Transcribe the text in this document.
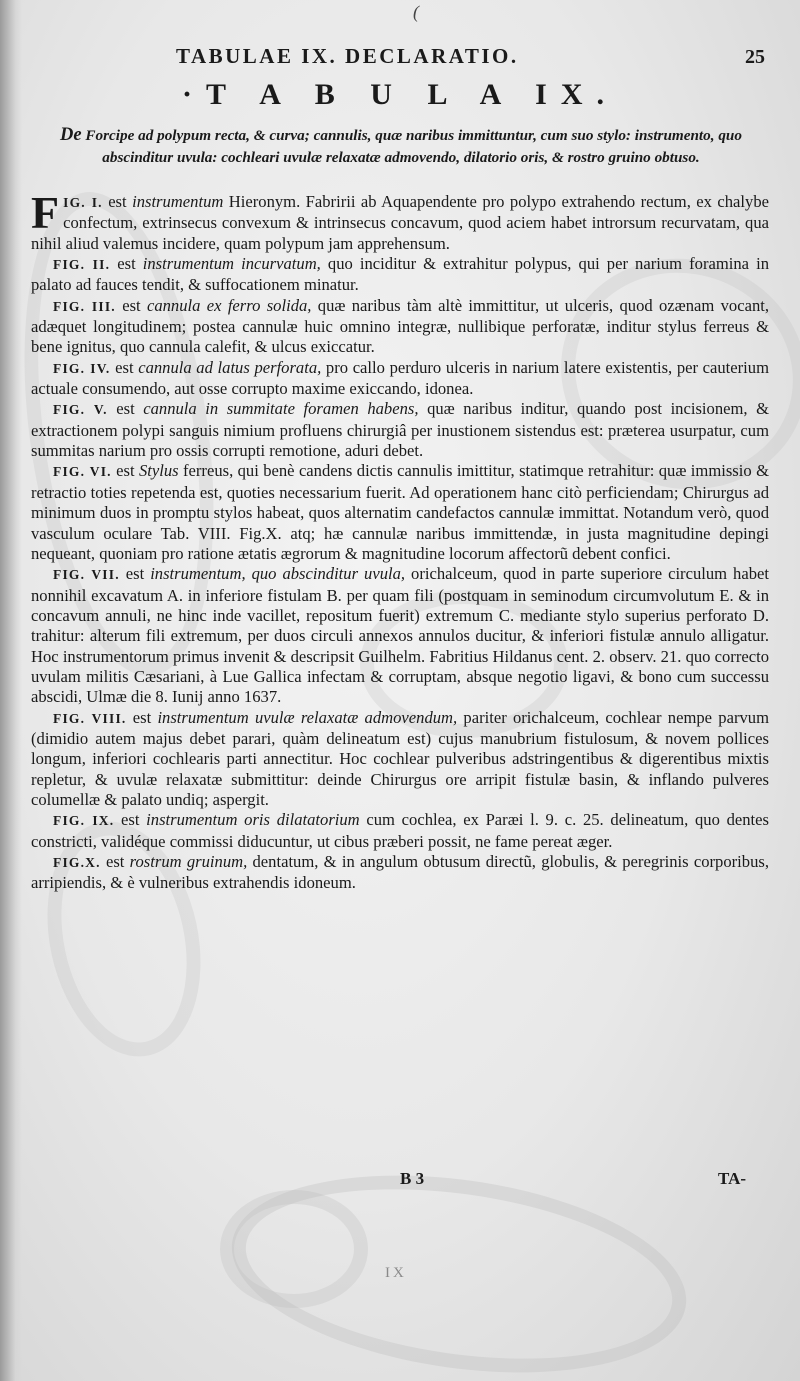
(
TABULAE IX. DECLARATIO.	25
·T A B U L A IX.
De Forcipe ad polypum recta, & curva; cannulis, quæ naribus immittuntur, cum suo stylo: instrumento, quo abscinditur uvula: cochleari uvulæ relaxatæ admovendo, dilatorio oris, & rostro gruino obtuso.

FIG. I. est instrumentum Hieronym. Fabririi ab Aquapendente pro polypo extrahendo rectum, ex chalybe confectum, extrinsecus convexum & intrinsecus concavum, quod aciem habet introrsum recurvatam, qua nihil aliud valemus incidere, quam polypum jam apprehensum.

FIG. II. est instrumentum incurvatum, quo inciditur & extrahitur polypus, qui per narium foramina in palato ad fauces tendit, & suffocationem minatur.

FIG. III. est cannula ex ferro solida, quæ naribus tàm altè immittitur, ut ulceris, quod ozænam vocant, adæquet longitudinem; postea cannulæ huic omnino integræ, nullibique perforatæ, inditur stylus ferreus & bene ignitus, quo cannula calefit, & ulcus exiccatur.

FIG. IV. est cannula ad latus perforata, pro callo perduro ulceris in narium latere existentis, per cauterium actuale consumendo, aut osse corrupto maxime exiccando, idonea.

FIG. V. est cannula in summitate foramen habens, quæ naribus inditur, quando post incisionem, & extractionem polypi sanguis nimium profluens chirurgiâ per inustionem sistendus est: præterea usurpatur, cum summitas narium pro ossis corrupti remotione, aduri debet.

FIG. VI. est Stylus ferreus, qui benè candens dictis cannulis imittitur, statimque retrahitur: quæ immissio & retractio toties repetenda est, quoties necessarium fuerit. Ad operationem hanc citò perficiendam; Chirurgus ad minimum duos in promptu stylos habeat, quos alternatim candefactos cannulæ immittat. Notandum verò, quod vasculum oculare Tab. VIII. Fig.X. atq; hæ cannulæ naribus immittendæ, in justa magnitudine depingi nequeant, quoniam pro ratione ætatis ægrorum & magnitudine locorum affectorũ debent confici.

FIG. VII. est instrumentum, quo abscinditur uvula, orichalceum, quod in parte superiore circulum habet nonnihil excavatum A. in inferiore fistulam B. per quam fili (postquam in seminodum circumvolutum E. & in concavum annuli, ne hinc inde vacillet, repositum fuerit) extremum C. mediante stylo superius perforato D. trahitur: alterum fili extremum, per duos circuli annexos annulos ducitur, & inferiori fistulæ annulo alligatur. Hoc instrumentorum primus invenit & descripsit Guilhelm. Fabritius Hildanus cent. 2. observ. 21. quo correcto uvulam militis Cæsariani, à Lue Gallica infectam & corruptam, absque negotio ligavi, & bono cum successu abscidi, Ulmæ die 8. Iunij anno 1637.

FIG. VIII. est instrumentum uvulæ relaxatæ admovendum, pariter orichalceum, cochlear nempe parvum (dimidio autem majus debet parari, quàm delineatum est) cujus manubrium fistulosum, & novem pollices longum, inferiori cochlearis parti annectitur. Hoc cochlear pulveribus adstringentibus & digerentibus mixtis repletur, & uvulæ relaxatæ submittitur: deinde Chirurgus ore arripit fistulæ basin, & inflando pulveres columellæ & palato undiq; aspergit.

FIG. IX. est instrumentum oris dilatatorium cum cochlea, ex Paræi l. 9. c. 25. delineatum, quo dentes constricti, validéque commissi diducuntur, ut cibus præberi possit, ne fame pereat æger.

FIG.X. est rostrum gruinum, dentatum, & in angulum obtusum directũ, globulis, & peregrinis corporibus, arripiendis, & è vulneribus extrahendis idoneum.

B 3	TA-
IX
